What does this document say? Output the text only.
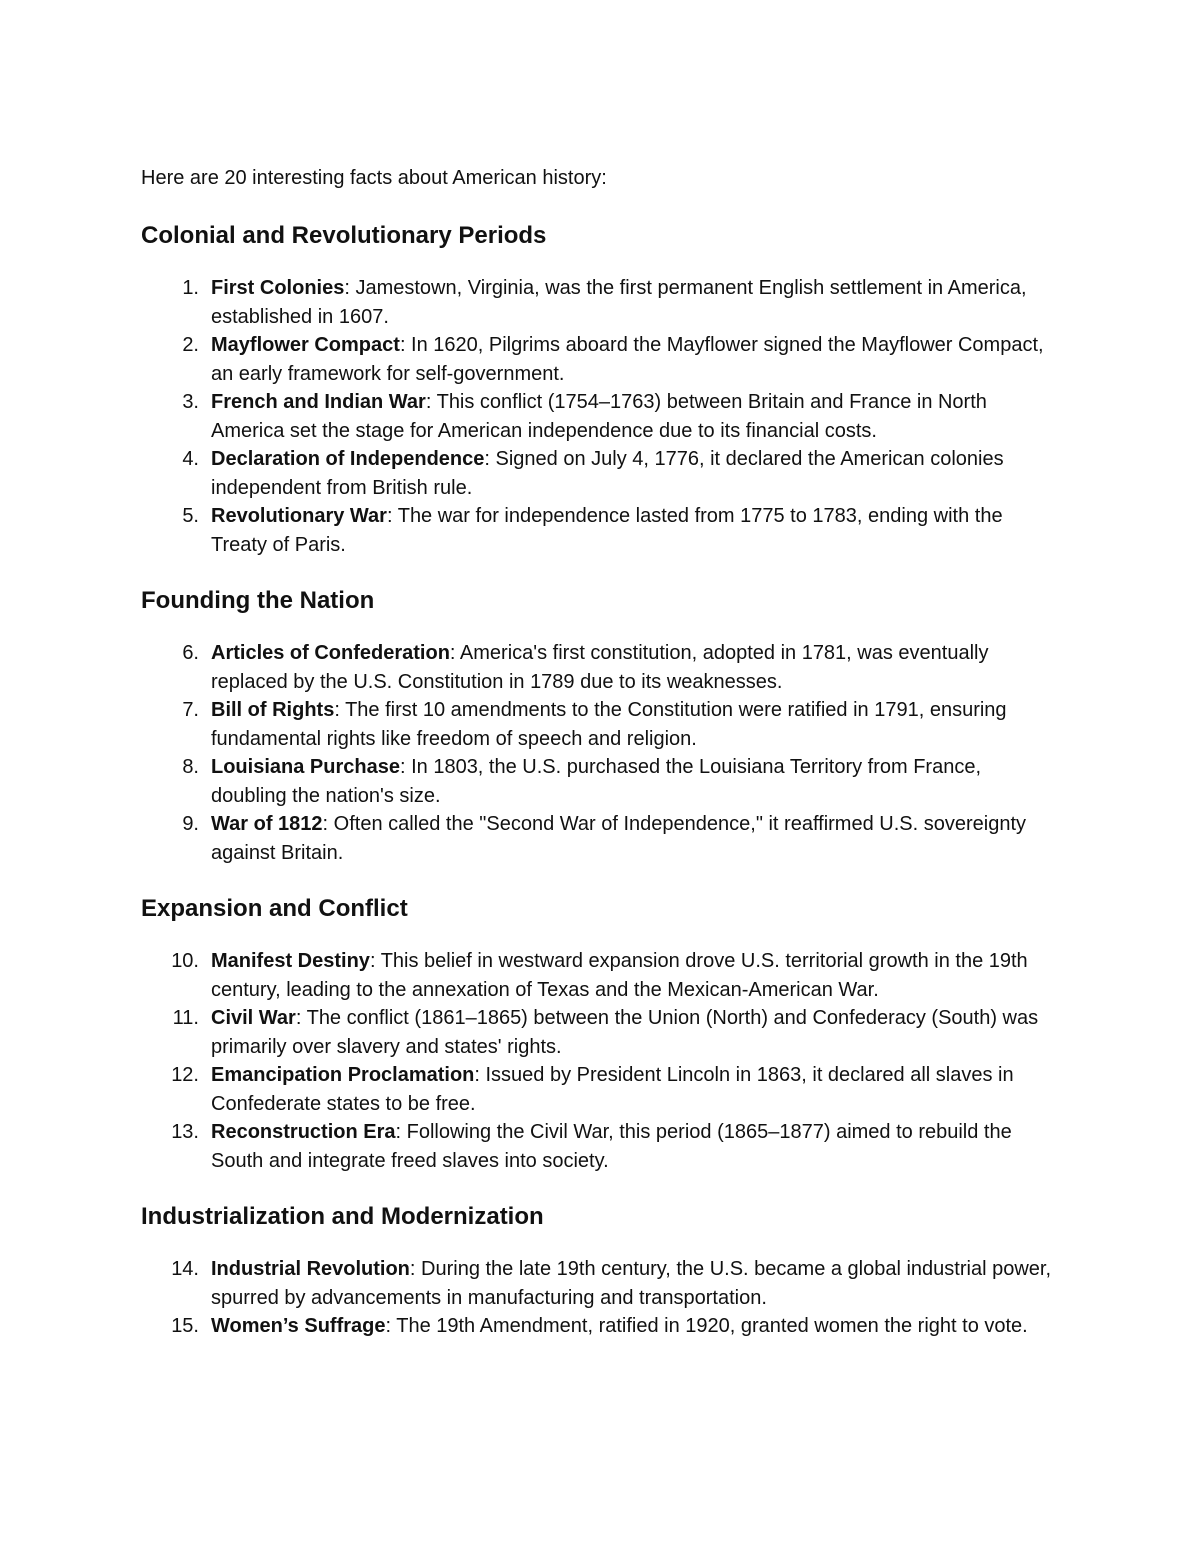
Here are 20 interesting facts about American history:

Colonial and Revolutionary Periods
1. First Colonies: Jamestown, Virginia, was the first permanent English settlement in America, established in 1607.
2. Mayflower Compact: In 1620, Pilgrims aboard the Mayflower signed the Mayflower Compact, an early framework for self-government.
3. French and Indian War: This conflict (1754–1763) between Britain and France in North America set the stage for American independence due to its financial costs.
4. Declaration of Independence: Signed on July 4, 1776, it declared the American colonies independent from British rule.
5. Revolutionary War: The war for independence lasted from 1775 to 1783, ending with the Treaty of Paris.
Founding the Nation
6. Articles of Confederation: America's first constitution, adopted in 1781, was eventually replaced by the U.S. Constitution in 1789 due to its weaknesses.
7. Bill of Rights: The first 10 amendments to the Constitution were ratified in 1791, ensuring fundamental rights like freedom of speech and religion.
8. Louisiana Purchase: In 1803, the U.S. purchased the Louisiana Territory from France, doubling the nation's size.
9. War of 1812: Often called the "Second War of Independence," it reaffirmed U.S. sovereignty against Britain.
Expansion and Conflict
10. Manifest Destiny: This belief in westward expansion drove U.S. territorial growth in the 19th century, leading to the annexation of Texas and the Mexican-American War.
11. Civil War: The conflict (1861–1865) between the Union (North) and Confederacy (South) was primarily over slavery and states' rights.
12. Emancipation Proclamation: Issued by President Lincoln in 1863, it declared all slaves in Confederate states to be free.
13. Reconstruction Era: Following the Civil War, this period (1865–1877) aimed to rebuild the South and integrate freed slaves into society.
Industrialization and Modernization
14. Industrial Revolution: During the late 19th century, the U.S. became a global industrial power, spurred by advancements in manufacturing and transportation.
15. Women’s Suffrage: The 19th Amendment, ratified in 1920, granted women the right to vote.
